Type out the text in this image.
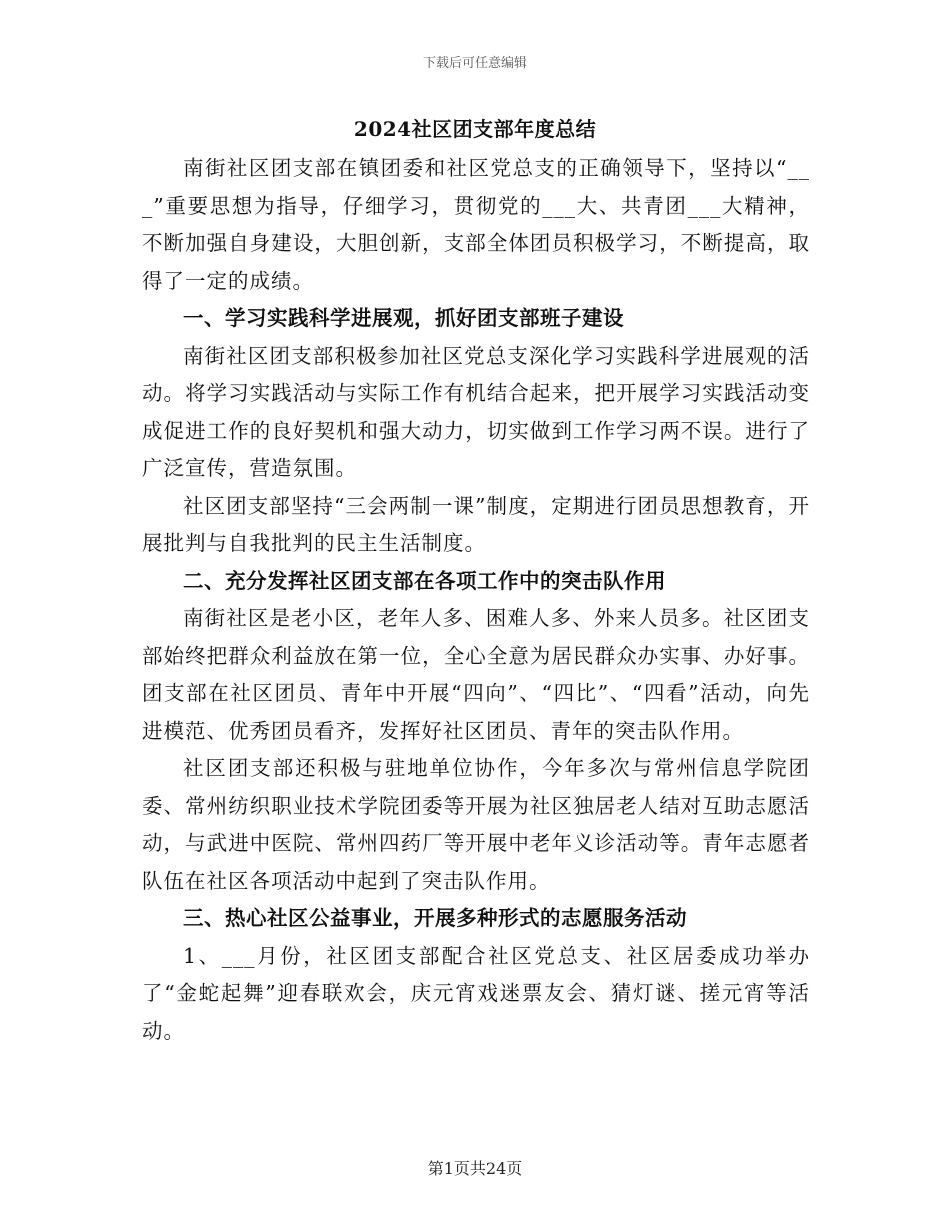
下载后可任意编辑
2024社区团支部年度总结

南街社区团支部在镇团委和社区党总支的正确领导下，坚持以“___”重要思想为指导，仔细学习，贯彻党的___大、共青团___大精神，不断加强自身建设，大胆创新，支部全体团员积极学习，不断提高，取得了一定的成绩。

一、学习实践科学进展观，抓好团支部班子建设

南街社区团支部积极参加社区党总支深化学习实践科学进展观的活动。将学习实践活动与实际工作有机结合起来，把开展学习实践活动变成促进工作的良好契机和强大动力，切实做到工作学习两不误。进行了广泛宣传，营造氛围。

社区团支部坚持“三会两制一课”制度，定期进行团员思想教育，开展批判与自我批判的民主生活制度。

二、充分发挥社区团支部在各项工作中的突击队作用

南街社区是老小区，老年人多、困难人多、外来人员多。社区团支部始终把群众利益放在第一位，全心全意为居民群众办实事、办好事。团支部在社区团员、青年中开展“四向”、“四比”、“四看”活动，向先进模范、优秀团员看齐，发挥好社区团员、青年的突击队作用。

社区团支部还积极与驻地单位协作，今年多次与常州信息学院团委、常州纺织职业技术学院团委等开展为社区独居老人结对互助志愿活动，与武进中医院、常州四药厂等开展中老年义诊活动等。青年志愿者队伍在社区各项活动中起到了突击队作用。

三、热心社区公益事业，开展多种形式的志愿服务活动

1、___月份，社区团支部配合社区党总支、社区居委成功举办了“金蛇起舞”迎春联欢会，庆元宵戏迷票友会、猜灯谜、搓元宵等活动。

第1页共24页
